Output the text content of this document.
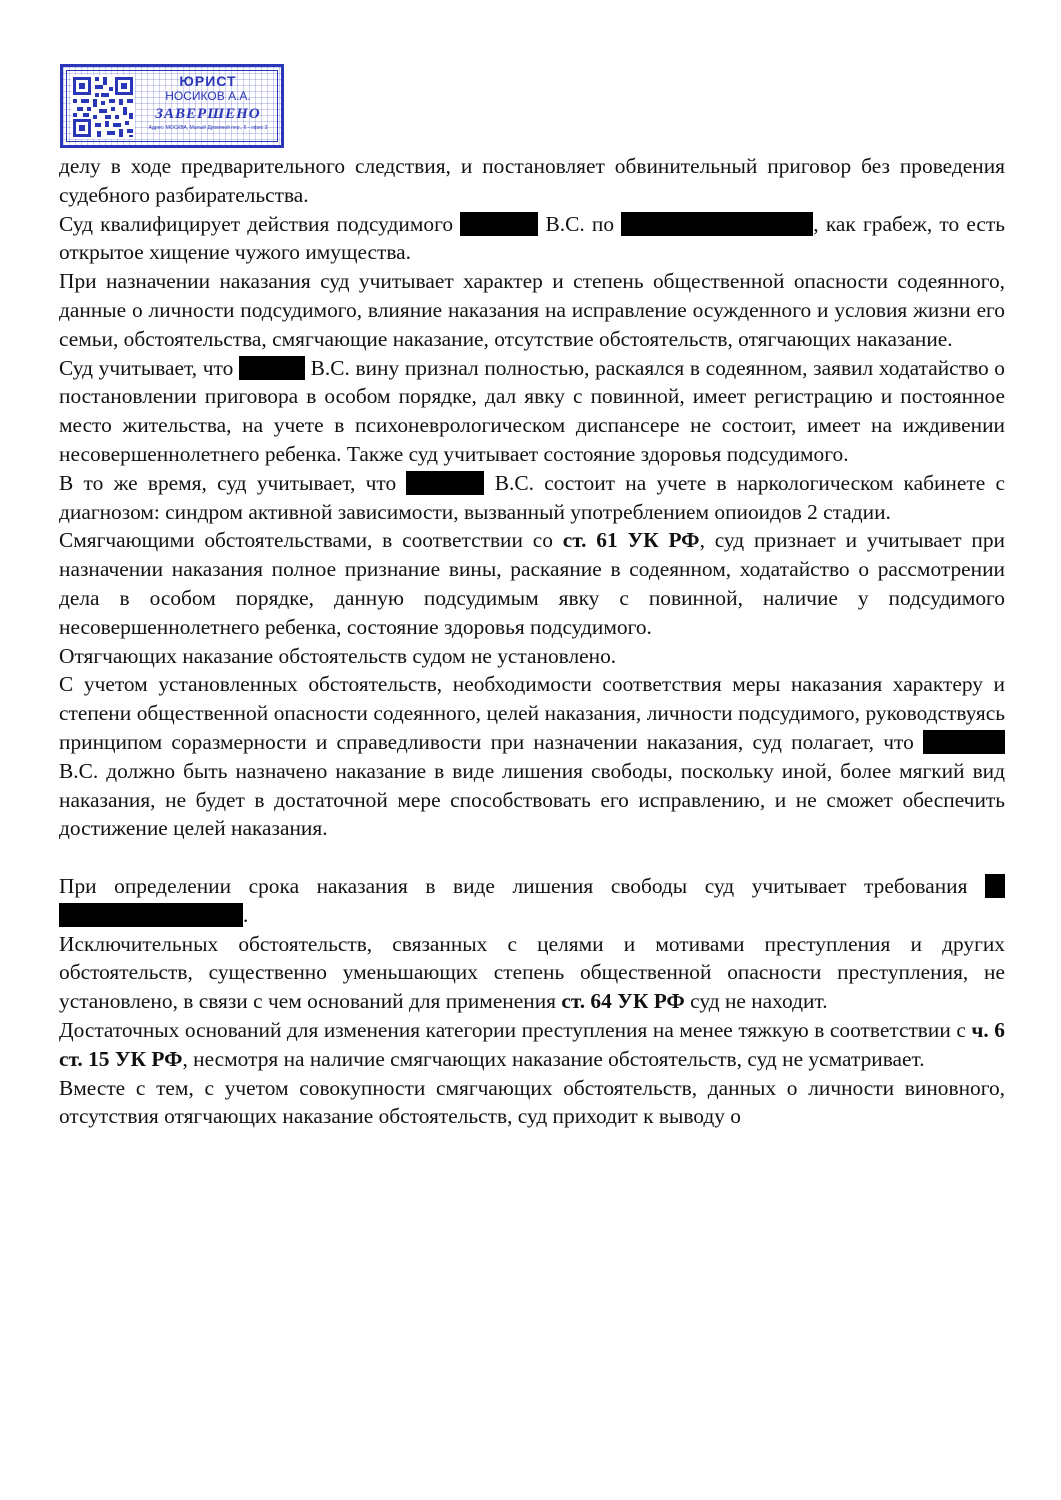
ЮРИСТ
НОСИКОВ А.А.
ЗАВЕРШЕНО
Адрес: МОСКВА, Малый Дровяной пер., 6 - офис 3

делу в ходе предварительного следствия, и постановляет обвинительный приговор без проведения судебного разбирательства.

Суд квалифицирует действия подсудимого	В.С. по	, как грабеж, то есть открытое хищение чужого имущества.

При назначении наказания суд учитывает характер и степень общественной опасности содеянного, данные о личности подсудимого, влияние наказания на исправление осужденного и условия жизни его семьи, обстоятельства, смягчающие наказание, отсутствие обстоятельств, отягчающих наказание.

Суд учитывает, что	В.С. вину признал полностью, раскаялся в содеянном, заявил ходатайство о постановлении приговора в особом порядке, дал явку с повинной, имеет регистрацию и постоянное место жительства, на учете в психоневрологическом диспансере не состоит, имеет на иждивении несовершеннолетнего ребенка. Также суд учитывает состояние здоровья подсудимого.

В то же время, суд учитывает, что	В.С. состоит на учете в наркологическом кабинете с диагнозом: синдром активной зависимости, вызванный употреблением опиоидов 2 стадии.

Смягчающими обстоятельствами, в соответствии со ст. 61 УК РФ, суд признает и учитывает при назначении наказания полное признание вины, раскаяние в содеянном, ходатайство о рассмотрении дела в особом порядке, данную подсудимым явку с повинной, наличие у подсудимого несовершеннолетнего ребенка, состояние здоровья подсудимого.

Отягчающих наказание обстоятельств судом не установлено.

С учетом установленных обстоятельств, необходимости соответствия меры наказания характеру и степени общественной опасности содеянного, целей наказания, личности подсудимого, руководствуясь принципом соразмерности и справедливости при назначении наказания, суд полагает, что  В.С. должно быть назначено наказание в виде лишения свободы, поскольку иной, более мягкий вид наказания, не будет в достаточной мере способствовать его исправлению, и не сможет обеспечить достижение целей наказания.

При определении срока наказания в виде лишения свободы суд учитывает требования  .

Исключительных обстоятельств, связанных с целями и мотивами преступления и других обстоятельств, существенно уменьшающих степень общественной опасности преступления, не установлено, в связи с чем оснований для применения ст. 64 УК РФ суд не находит.

Достаточных оснований для изменения категории преступления на менее тяжкую в соответствии с ч. 6 ст. 15 УК РФ, несмотря на наличие смягчающих наказание обстоятельств, суд не усматривает.

Вместе с тем, с учетом совокупности смягчающих обстоятельств, данных о личности виновного, отсутствия отягчающих наказание обстоятельств, суд приходит к выводу о
